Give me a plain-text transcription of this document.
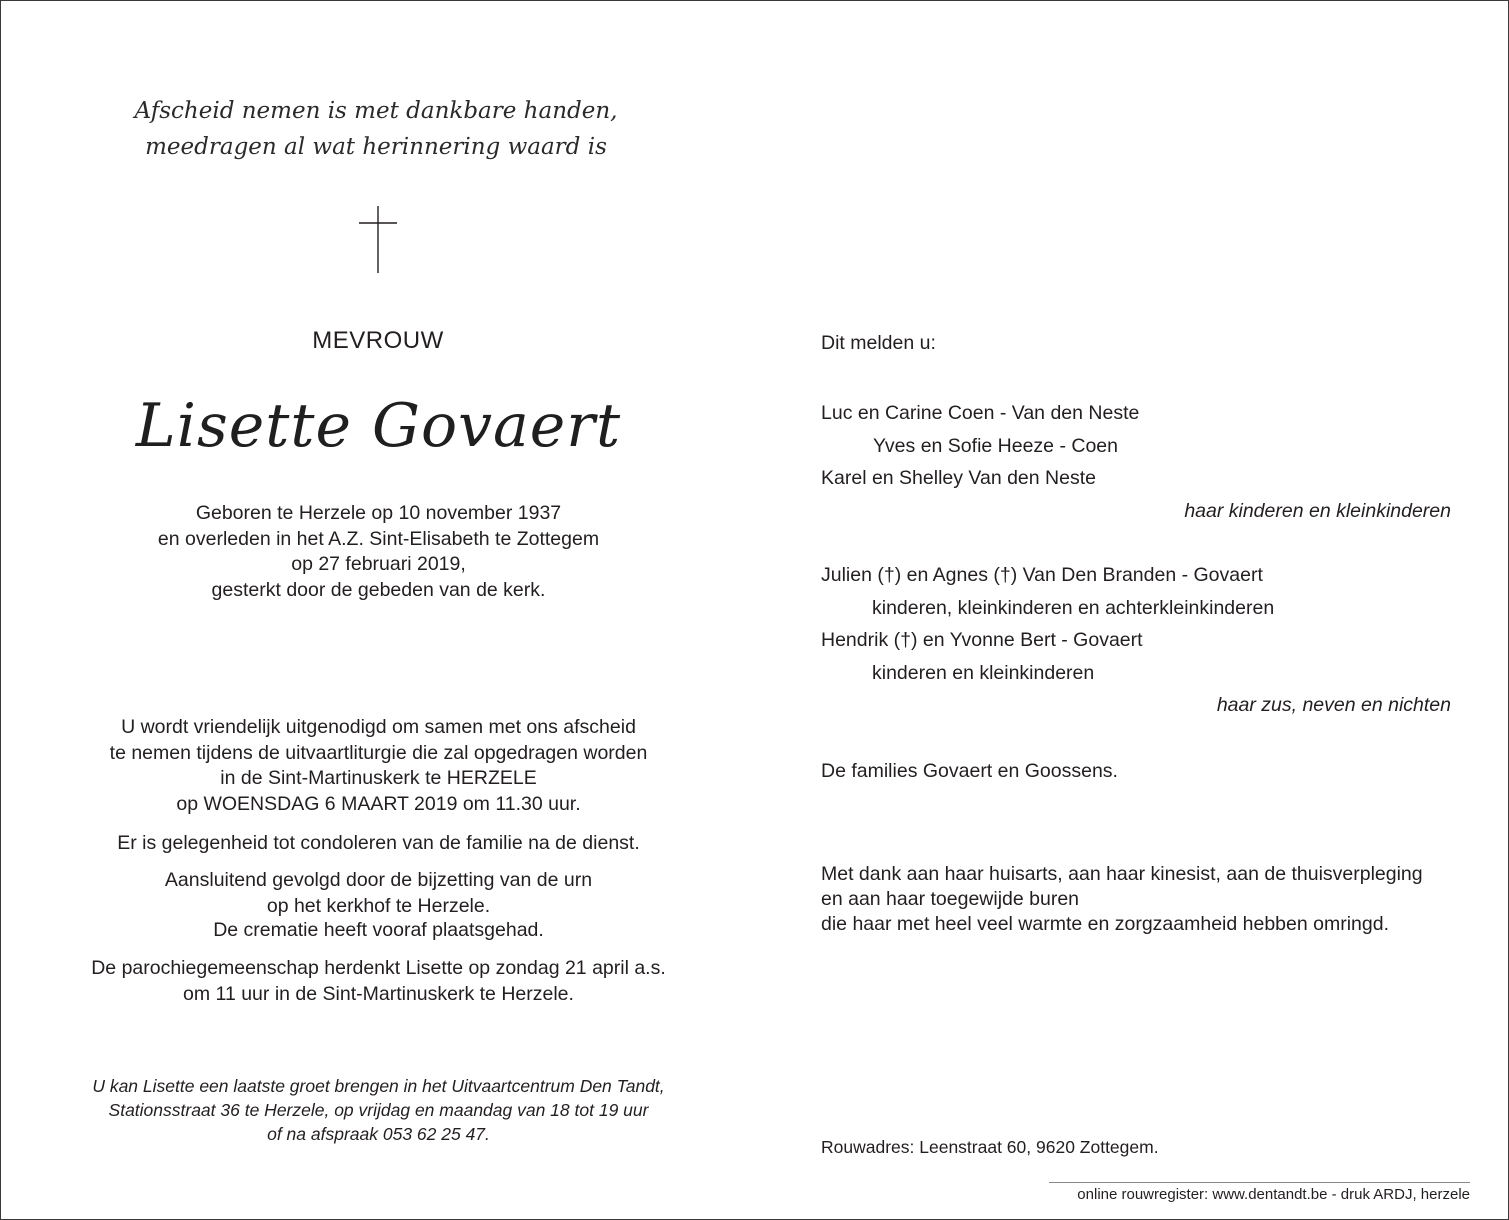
Afscheid nemen is met dankbare handen,

meedragen al wat herinnering waard is

MEVROUW
Lisette Govaert

Geboren te Herzele op 10 november 1937

en overleden in het A.Z. Sint-Elisabeth te Zottegem

op 27 februari 2019,

gesterkt door de gebeden van de kerk.

U wordt vriendelijk uitgenodigd om samen met ons afscheid

te nemen tijdens de uitvaartliturgie die zal opgedragen worden

in de Sint-Martinuskerk te HERZELE

op WOENSDAG 6 MAART 2019 om 11.30 uur.

Er is gelegenheid tot condoleren van de familie na de dienst.

Aansluitend gevolgd door de bijzetting van de urn

op het kerkhof te Herzele.

De crematie heeft vooraf plaatsgehad.

De parochiegemeenschap herdenkt Lisette op zondag 21 april a.s.

om 11 uur in de Sint-Martinuskerk te Herzele.

U kan Lisette een laatste groet brengen in het Uitvaartcentrum Den Tandt,

Stationsstraat 36 te Herzele, op vrijdag en maandag van 18 tot 19 uur

of na afspraak 053 62 25 47.

Dit melden u:

Luc en Carine Coen - Van den Neste

Yves en Sofie Heeze - Coen

Karel en Shelley Van den Neste

haar kinderen en kleinkinderen

Julien (†) en Agnes (†) Van Den Branden - Govaert

kinderen, kleinkinderen en achterkleinkinderen

Hendrik (†) en Yvonne Bert - Govaert

kinderen en kleinkinderen

haar zus, neven en nichten

De families Govaert en Goossens.

Met dank aan haar huisarts, aan haar kinesist, aan de thuisverpleging

en aan haar toegewijde buren

die haar met heel veel warmte en zorgzaamheid hebben omringd.

Rouwadres: Leenstraat 60, 9620 Zottegem.
online rouwregister: www.dentandt.be - druk ARDJ, herzele
